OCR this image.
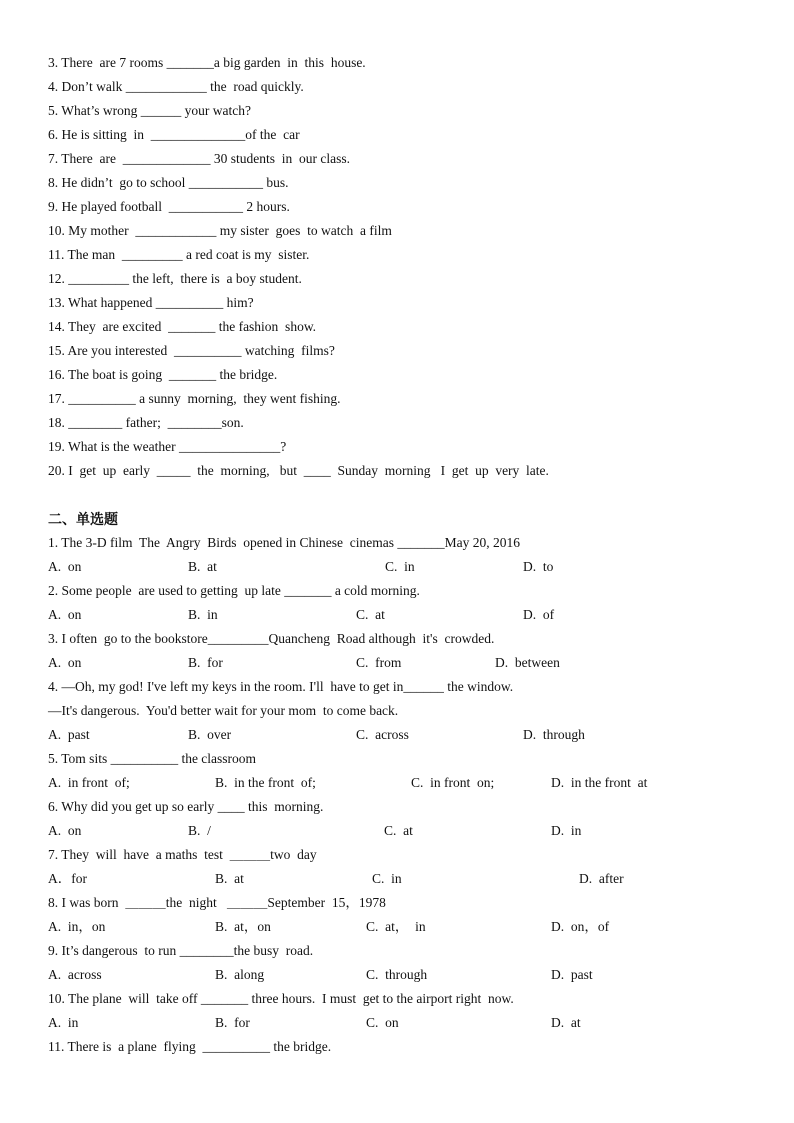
3. There  are 7 rooms _______a big garden  in  this  house.
4. Don’t walk ____________ the  road quickly.
5. What’s wrong ______ your watch?
6. He is sitting  in  ______________of the  car
7. There  are  _____________ 30 students  in  our class.
8. He didn’t  go to school ___________ bus.
9. He played football  ___________ 2 hours.
10. My mother  ____________ my sister  goes  to watch  a film
11. The man  _________ a red coat is my  sister.
12. _________ the left,  there is  a boy student.
13. What happened __________ him?
14. They  are excited  _______ the fashion  show.
15. Are you interested  __________ watching  films?
16. The boat is going  _______ the bridge.
17. __________ a sunny  morning,  they went fishing.
18. ________ father;  ________son.
19. What is the weather _______________?
20. I  get  up  early  _____  the  morning,   but  ____  Sunday  morning   I  get  up  very  late.
二、单选题
1. The 3-D film  The  Angry  Birds  opened in Chinese  cinemas _______May 20, 2016
A.  on	B.  at	C.  in	D.  to
2. Some people  are used to getting  up late _______ a cold morning.
A.  on	B.  in	C.  at	D.  of
3. I often  go to the bookstore_________Quancheng  Road although  it's  crowded.
A.  on	B.  for	C.  from	D.  between
4. —Oh, my god! I've left my keys in the room. I'll  have to get in______ the window.
—It's dangerous.  You'd better wait for your mom  to come back.
A.  past	B.  over	C.  across	D.  through
5. Tom sits __________ the classroom
A.  in front  of;	B.  in the front  of;	C.  in front  on;	D.  in the front  at
6. Why did you get up so early ____ this  morning.
A.  on	B.  /	C.  at	D.  in
7. They  will  have  a maths  test  ＿＿＿two  day
A．for	B.  at	C.  in	D.  after
8. I was born  ＿＿＿the  night   ＿＿＿September  15，1978
A.  in，on	B.  at，on	C.  at，  in	D.  on，of
9. It’s dangerous  to run ________the busy  road.
A.  across	B.  along	C.  through	D.  past
10. The plane  will  take off _______ three hours.  I must  get to the airport right  now.
A.  in	B.  for	C.  on	D.  at
11. There is  a plane  flying  __________ the bridge.
